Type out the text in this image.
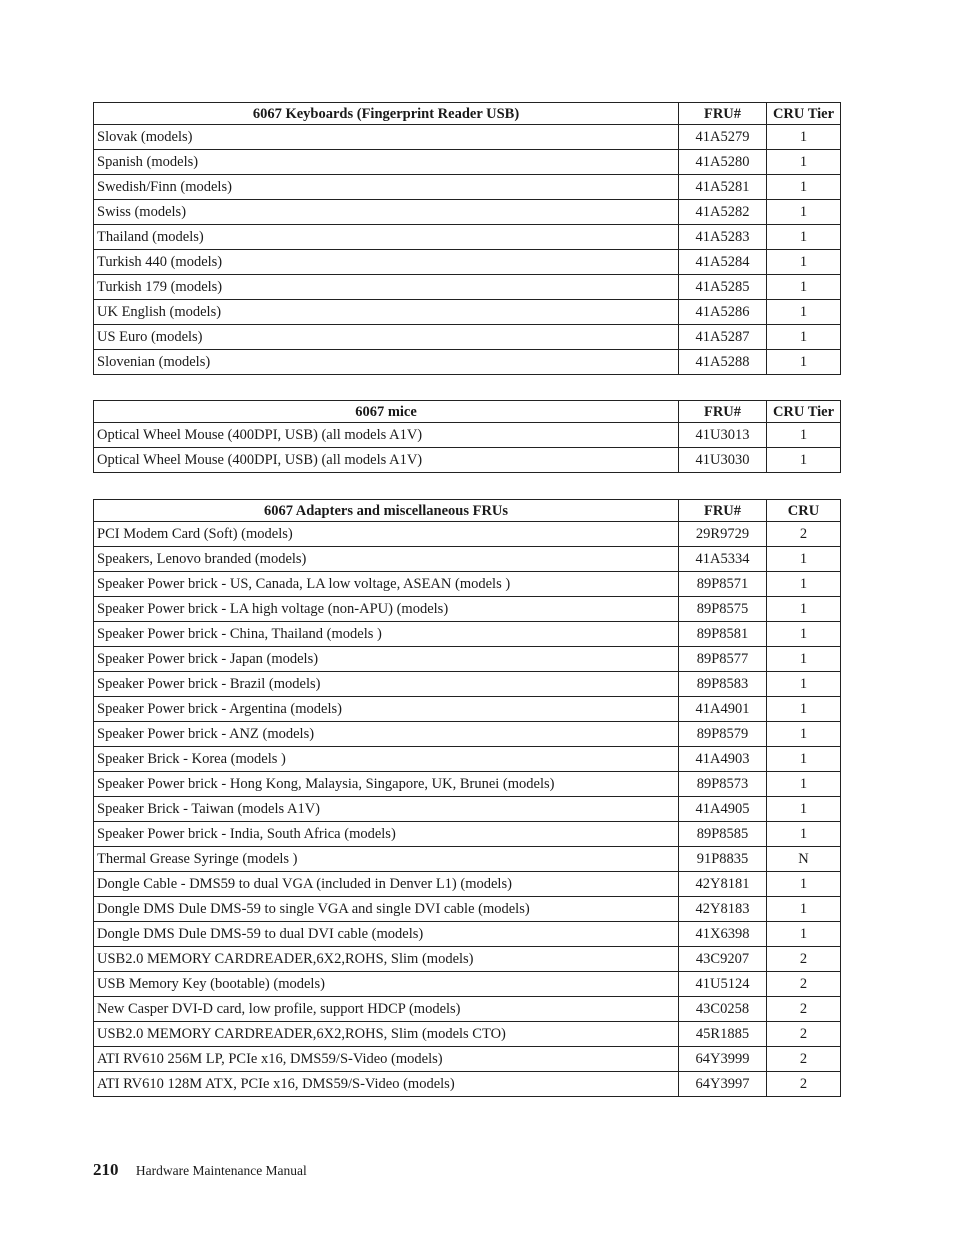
6067 Keyboards (Fingerprint Reader USB)	FRU#	CRU Tier
Slovak (models)	41A5279	1
Spanish (models)	41A5280	1
Swedish/Finn (models)	41A5281	1
Swiss (models)	41A5282	1
Thailand (models)	41A5283	1
Turkish 440 (models)	41A5284	1
Turkish 179 (models)	41A5285	1
UK English (models)	41A5286	1
US Euro (models)	41A5287	1
Slovenian (models)	41A5288	1
6067 mice	FRU#	CRU Tier
Optical Wheel Mouse (400DPI, USB) (all models A1V)	41U3013	1
Optical Wheel Mouse (400DPI, USB) (all models A1V)	41U3030	1
6067 Adapters and miscellaneous FRUs	FRU#	CRU
PCI Modem Card (Soft) (models)	29R9729	2
Speakers, Lenovo branded (models)	41A5334	1
Speaker Power brick - US, Canada, LA low voltage, ASEAN (models )	89P8571	1
Speaker Power brick - LA high voltage (non-APU) (models)	89P8575	1
Speaker Power brick - China, Thailand (models )	89P8581	1
Speaker Power brick - Japan (models)	89P8577	1
Speaker Power brick - Brazil (models)	89P8583	1
Speaker Power brick - Argentina (models)	41A4901	1
Speaker Power brick - ANZ (models)	89P8579	1
Speaker Brick - Korea (models )	41A4903	1
Speaker Power brick - Hong Kong, Malaysia, Singapore, UK, Brunei (models)	89P8573	1
Speaker Brick - Taiwan (models A1V)	41A4905	1
Speaker Power brick - India, South Africa (models)	89P8585	1
Thermal Grease Syringe (models )	91P8835	N
Dongle Cable - DMS59 to dual VGA (included in Denver L1) (models)	42Y8181	1
Dongle DMS Dule DMS-59 to single VGA and single DVI cable (models)	42Y8183	1
Dongle DMS Dule DMS-59 to dual DVI cable (models)	41X6398	1
USB2.0 MEMORY CARDREADER,6X2,ROHS, Slim (models)	43C9207	2
USB Memory Key (bootable) (models)	41U5124	2
New Casper DVI-D card, low profile, support HDCP (models)	43C0258	2
USB2.0 MEMORY CARDREADER,6X2,ROHS, Slim (models CTO)	45R1885	2
ATI RV610 256M LP, PCIe x16, DMS59/S-Video (models)	64Y3999	2
ATI RV610 128M ATX, PCIe x16, DMS59/S-Video (models)	64Y3997	2
210 Hardware Maintenance Manual
